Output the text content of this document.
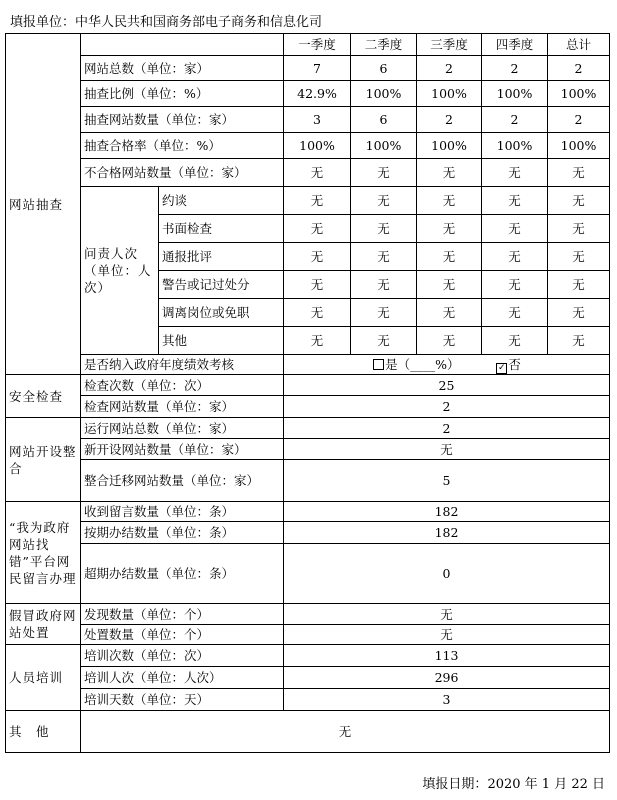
填报单位：中华人民共和国商务部电子商务和信息化司
网站抽查			一季度	二季度	三季度	四季度	总计
	网站总数（单位：家）		7	6	2	2	2
	抽查比例（单位：%）		42.9%	100%	100%	100%	100%
	抽查网站数量（单位：家）		3	6	2	2	2
	抽查合格率（单位：%）		100%	100%	100%	100%	100%
	不合格网站数量（单位：家）		无	无	无	无	无
	问责人次（单位：人次）	约谈	无	无	无	无	无
		书面检查	无	无	无	无	无
		通报批评	无	无	无	无	无
		警告或记过处分	无	无	无	无	无
		调离岗位或免职	无	无	无	无	无
		其他	无	无	无	无	无
	是否纳入政府年度绩效考核		是（____%） ✓ 否				
安全检查	检查次数（单位：次）		25				
	检查网站数量（单位：家）		2				
网站开设整合	运行网站总数（单位：家）		2				
	新开设网站数量（单位：家）		无				
	整合迁移网站数量（单位：家）		5				
“我为政府网站找错”平台网民留言办理	收到留言数量（单位：条）		182				
	按期办结数量（单位：条）		182				
	超期办结数量（单位：条）		0				
假冒政府网站处置	发现数量（单位：个）		无				
	处置数量（单位：个）		无				
人员培训	培训次数（单位：次）		113				
	培训人次（单位：人次）		296				
	培训天数（单位：天）		3				
其　他	无						
填报日期：2020 年 1 月 22 日
